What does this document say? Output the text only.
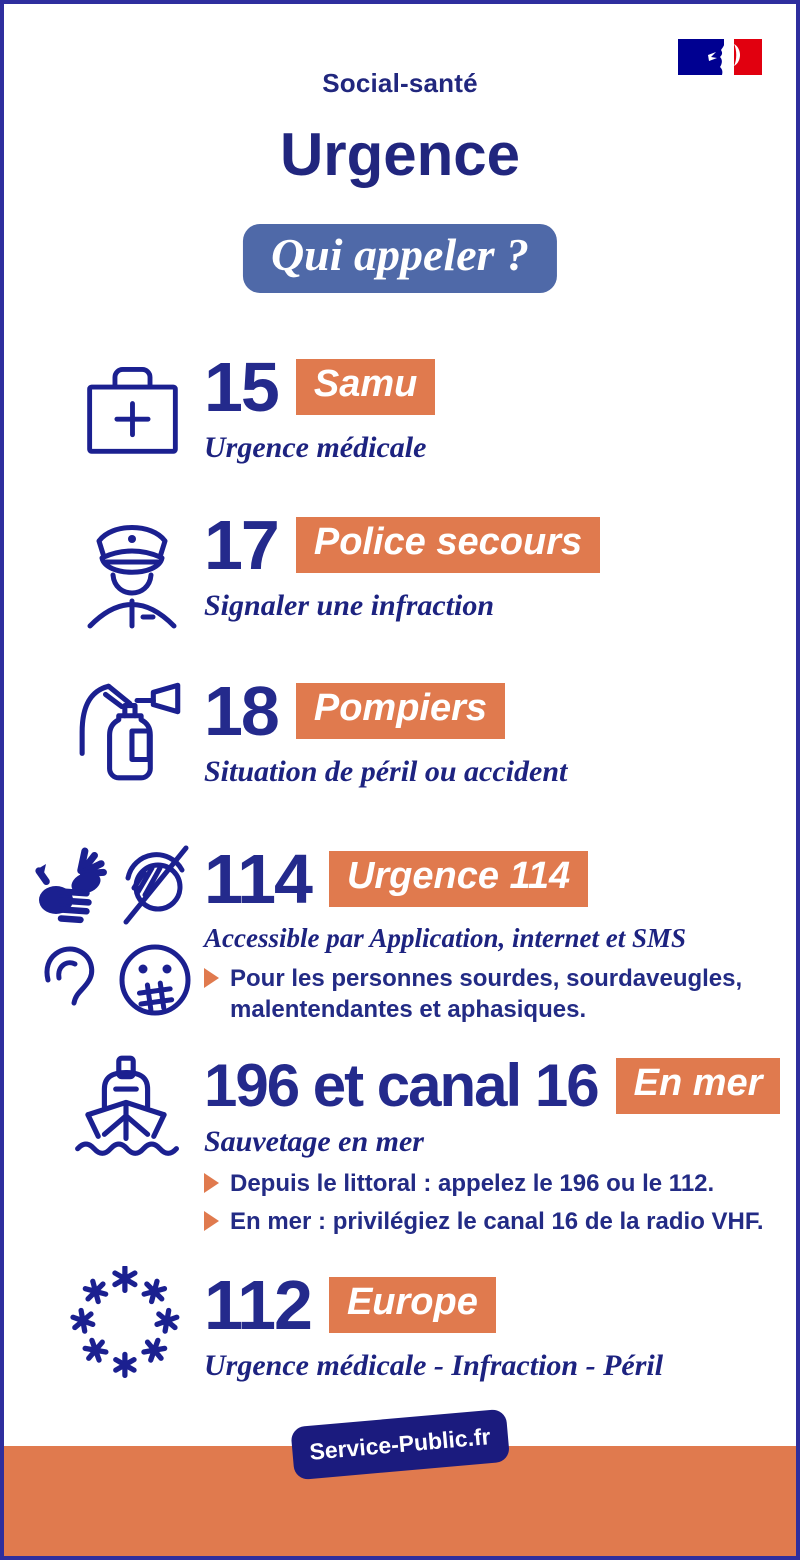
Social-santé
Urgence
Qui appeler ?
15 Samu
Urgence médicale
17 Police secours
Signaler une infraction
18 Pompiers
Situation de péril ou accident
114 Urgence 114
Accessible par Application, internet et SMS
Pour les personnes sourdes, sourdaveugles, malentendantes et aphasiques.
196 et canal 16 En mer
Sauvetage en mer
Depuis le littoral : appelez le 196 ou le 112.
En mer : privilégiez le canal 16 de la radio VHF.
112 Europe
Urgence médicale - Infraction - Péril
Service-Public.fr
